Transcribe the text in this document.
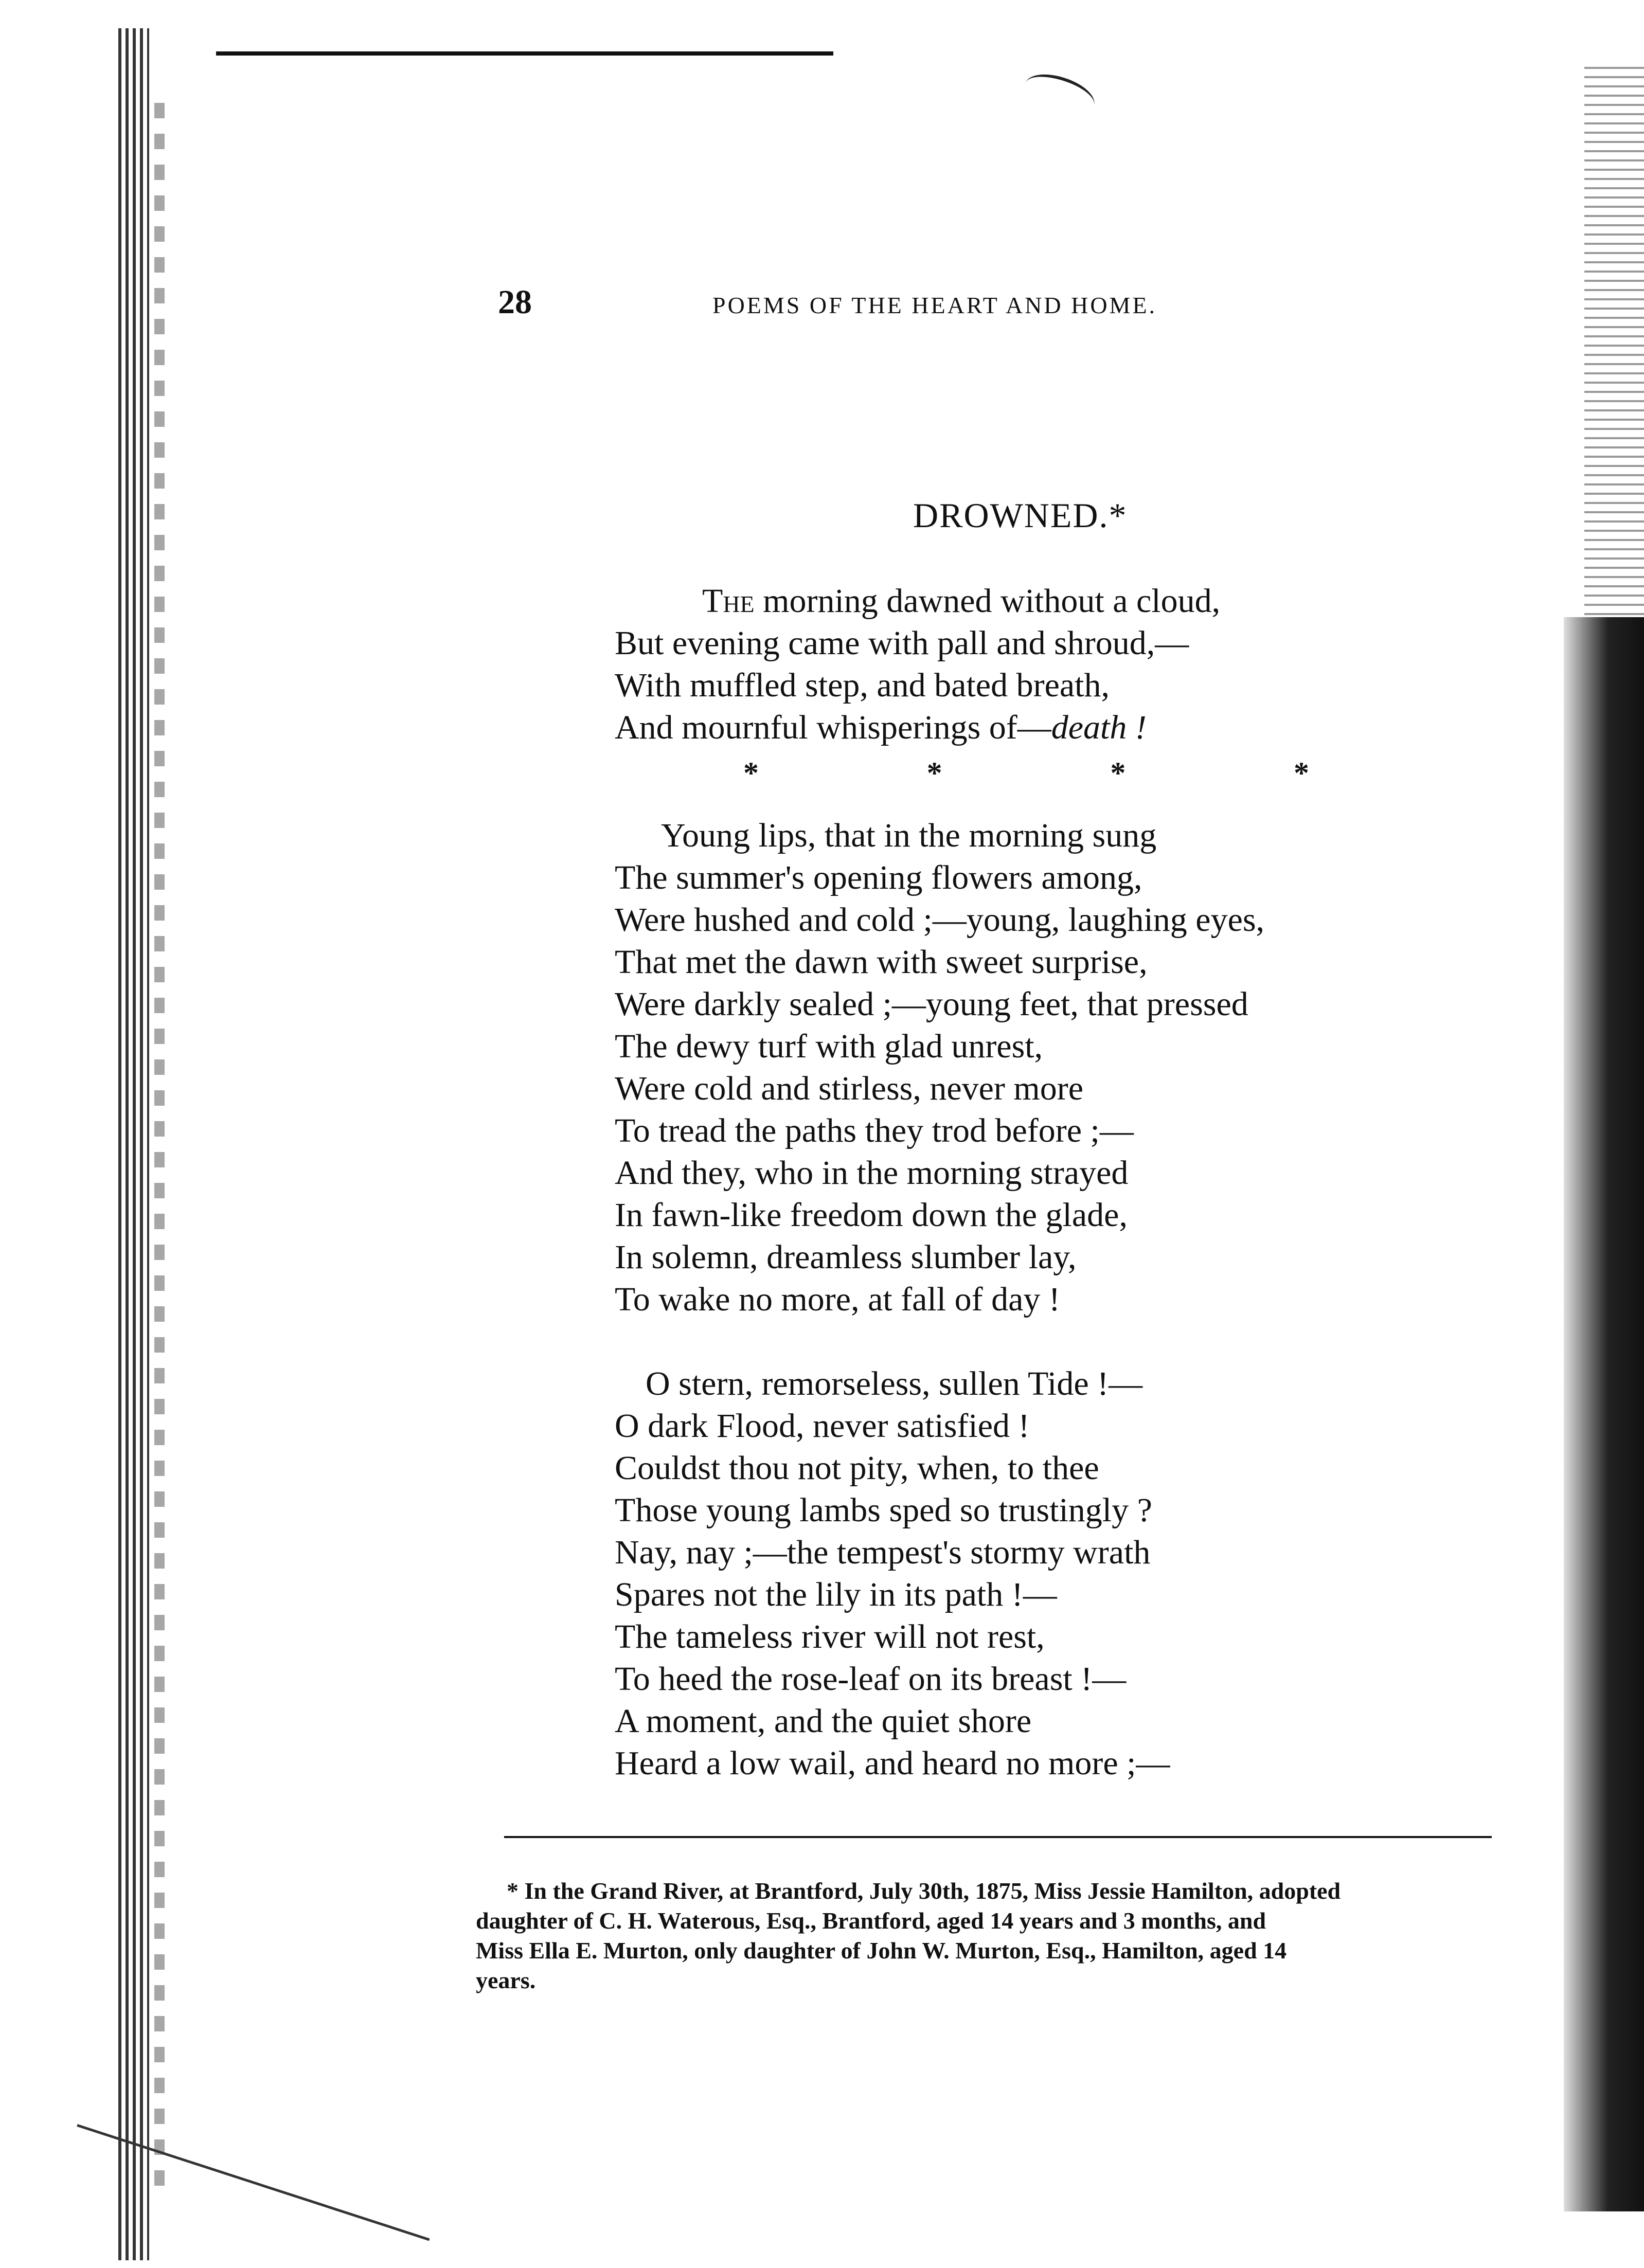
28	POEMS OF THE HEART AND HOME.
DROWNED.*
The morning dawned without a cloud,
But evening came with pall and shroud,—
With muffled step, and bated breath,
And mournful whisperings of—death !
*	*	*	*
Young lips, that in the morning sung
The summer's opening flowers among,
Were hushed and cold ;—young, laughing eyes,
That met the dawn with sweet surprise,
Were darkly sealed ;—young feet, that pressed
The dewy turf with glad unrest,
Were cold and stirless, never more
To tread the paths they trod before ;—
And they, who in the morning strayed
In fawn-like freedom down the glade,
In solemn, dreamless slumber lay,
To wake no more, at fall of day !
O stern, remorseless, sullen Tide !—
O dark Flood, never satisfied !
Couldst thou not pity, when, to thee
Those young lambs sped so trustingly ?
Nay, nay ;—the tempest's stormy wrath
Spares not the lily in its path !—
The tameless river will not rest,
To heed the rose-leaf on its breast !—
A moment, and the quiet shore
Heard a low wail, and heard no more ;—
* In the Grand River, at Brantford, July 30th, 1875, Miss Jessie Hamilton, adopted
daughter of C. H. Waterous, Esq., Brantford, aged 14 years and 3 months, and
Miss Ella E. Murton, only daughter of John W. Murton, Esq., Hamilton, aged 14
years.
